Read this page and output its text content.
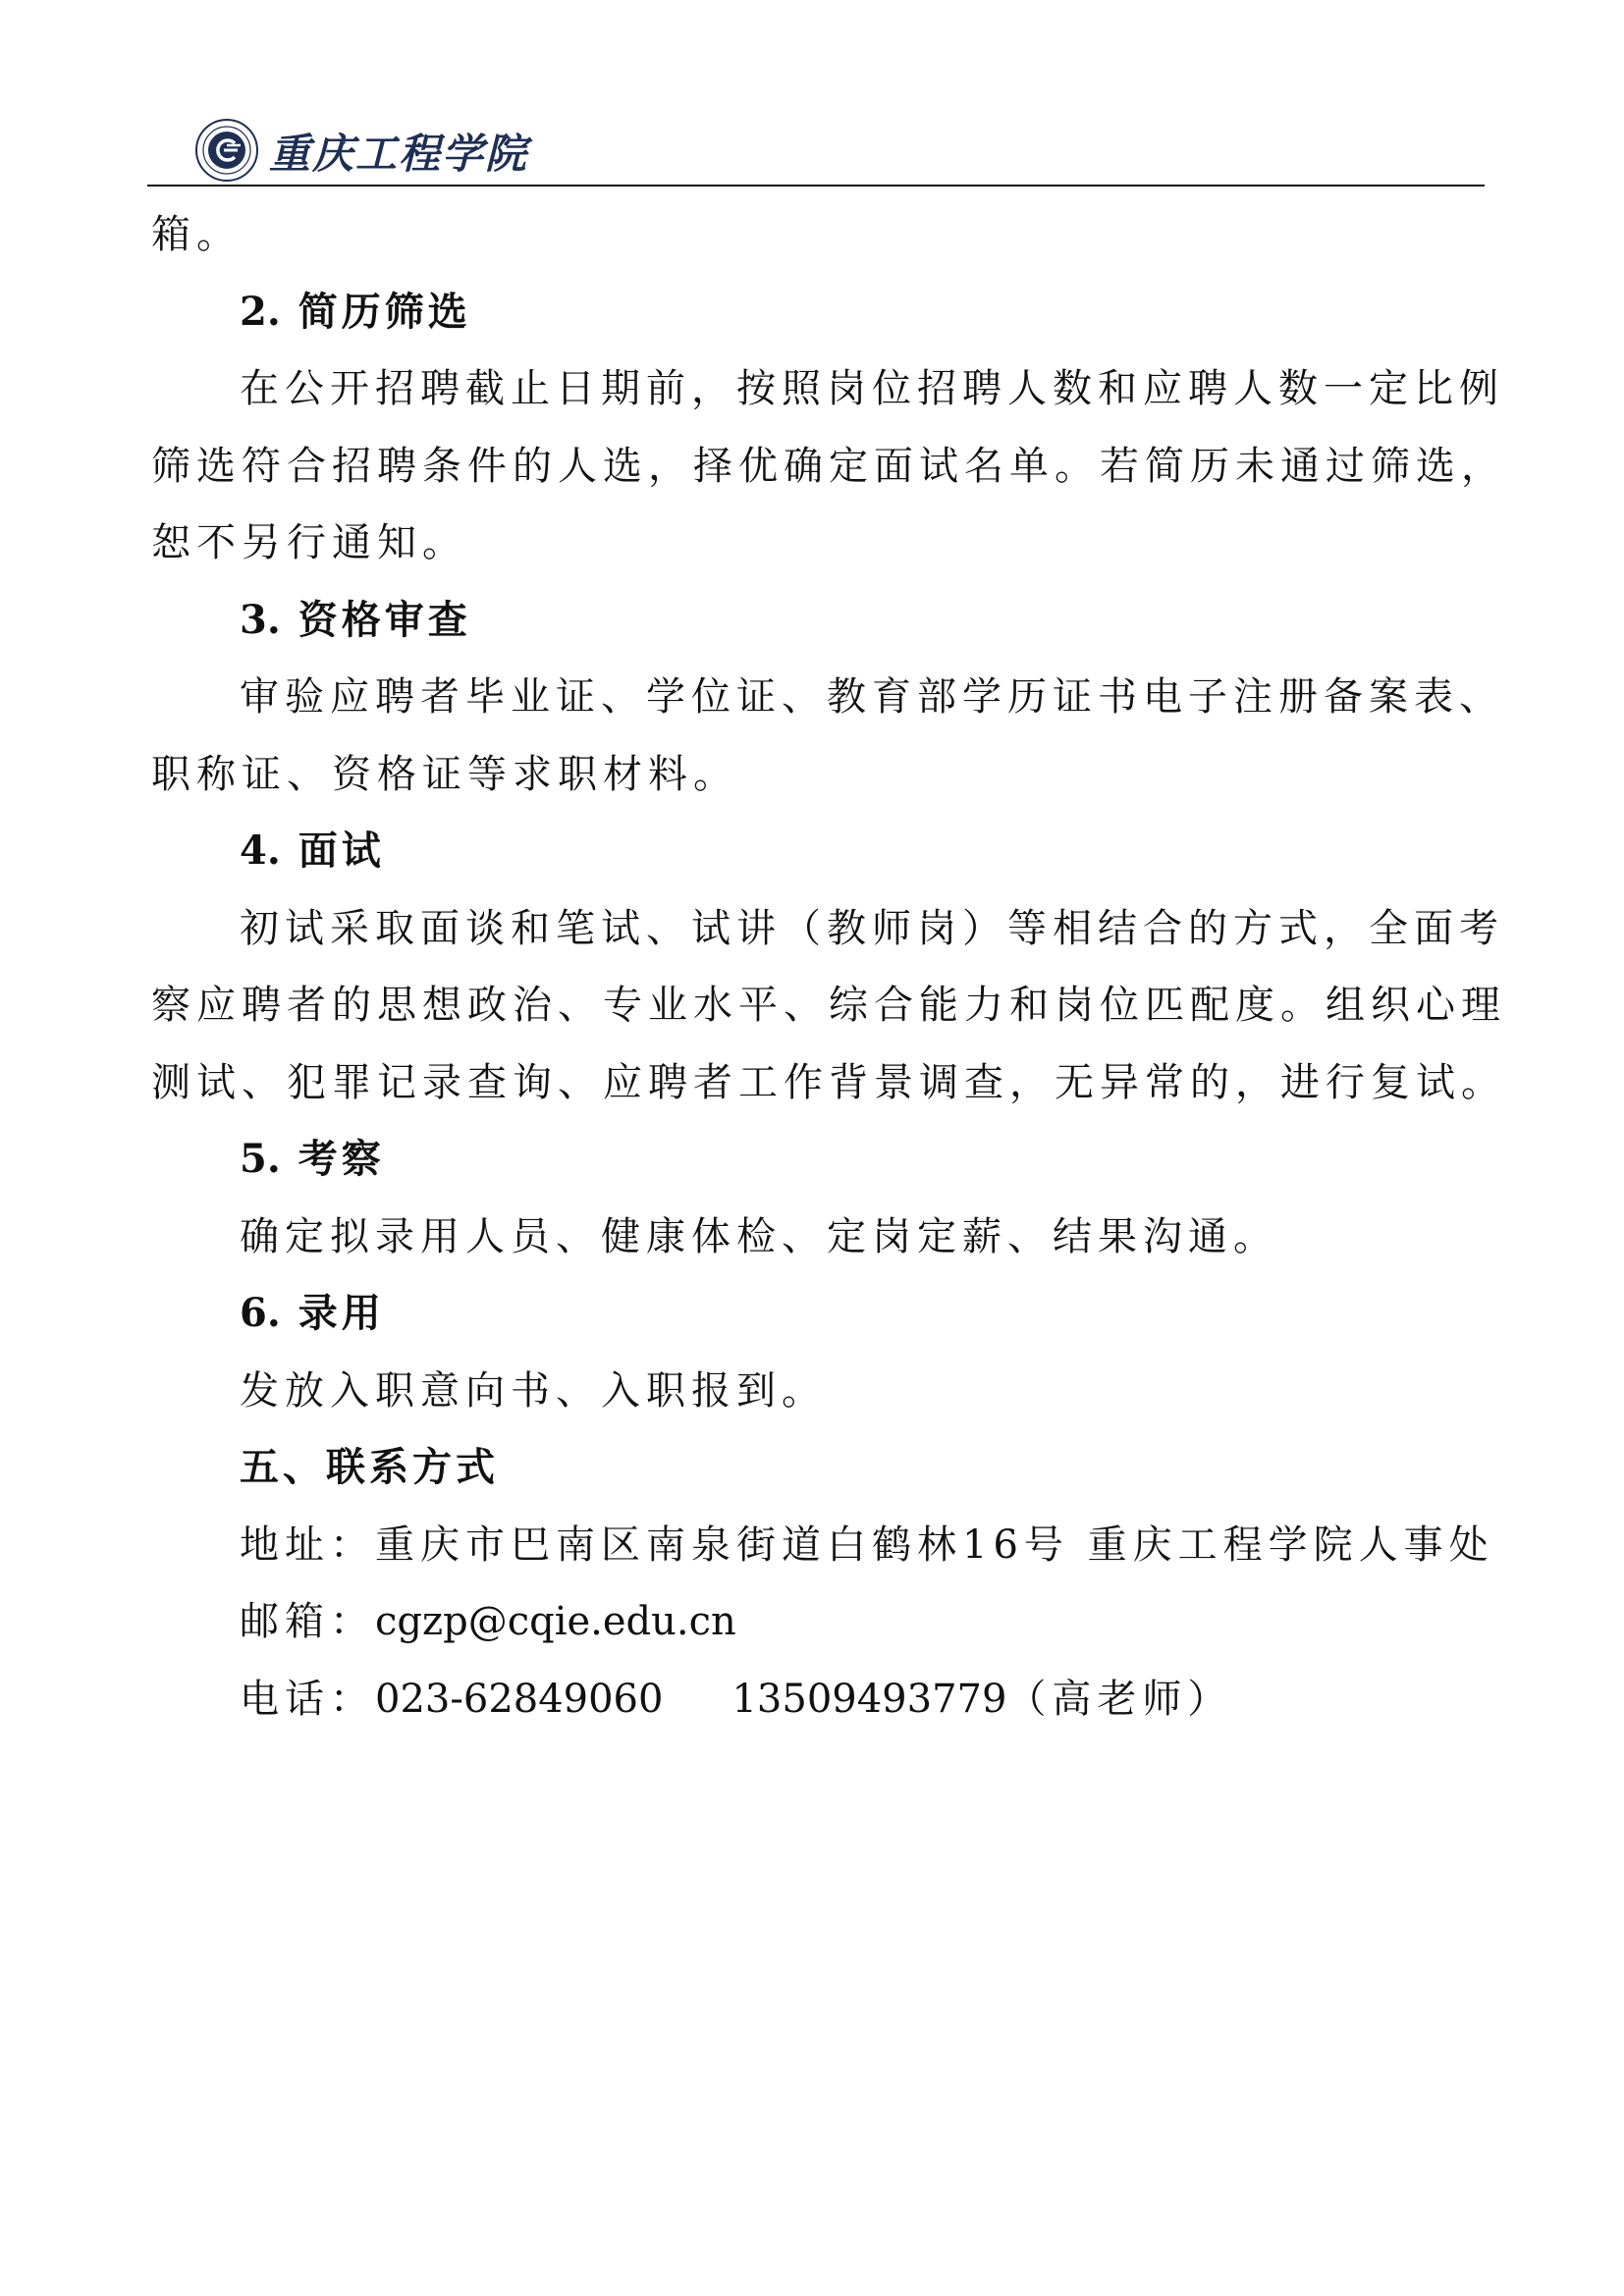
重庆工程学院
箱。
2. 简历筛选
在公开招聘截止日期前，按照岗位招聘人数和应聘人数一定比例
筛选符合招聘条件的人选，择优确定面试名单。若简历未通过筛选，
恕不另行通知。
3. 资格审查
审验应聘者毕业证、学位证、教育部学历证书电子注册备案表、
职称证、资格证等求职材料。
4. 面试
初试采取面谈和笔试、试讲（教师岗）等相结合的方式，全面考
察应聘者的思想政治、专业水平、综合能力和岗位匹配度。组织心理
测试、犯罪记录查询、应聘者工作背景调查，无异常的，进行复试。
5. 考察
确定拟录用人员、健康体检、定岗定薪、结果沟通。
6. 录用
发放入职意向书、入职报到。
五、联系方式
地址：重庆市巴南区南泉街道白鹤林16号 重庆工程学院人事处
邮箱：cgzp@cqie.edu.cn
电话：023-62849060 13509493779（高老师）
